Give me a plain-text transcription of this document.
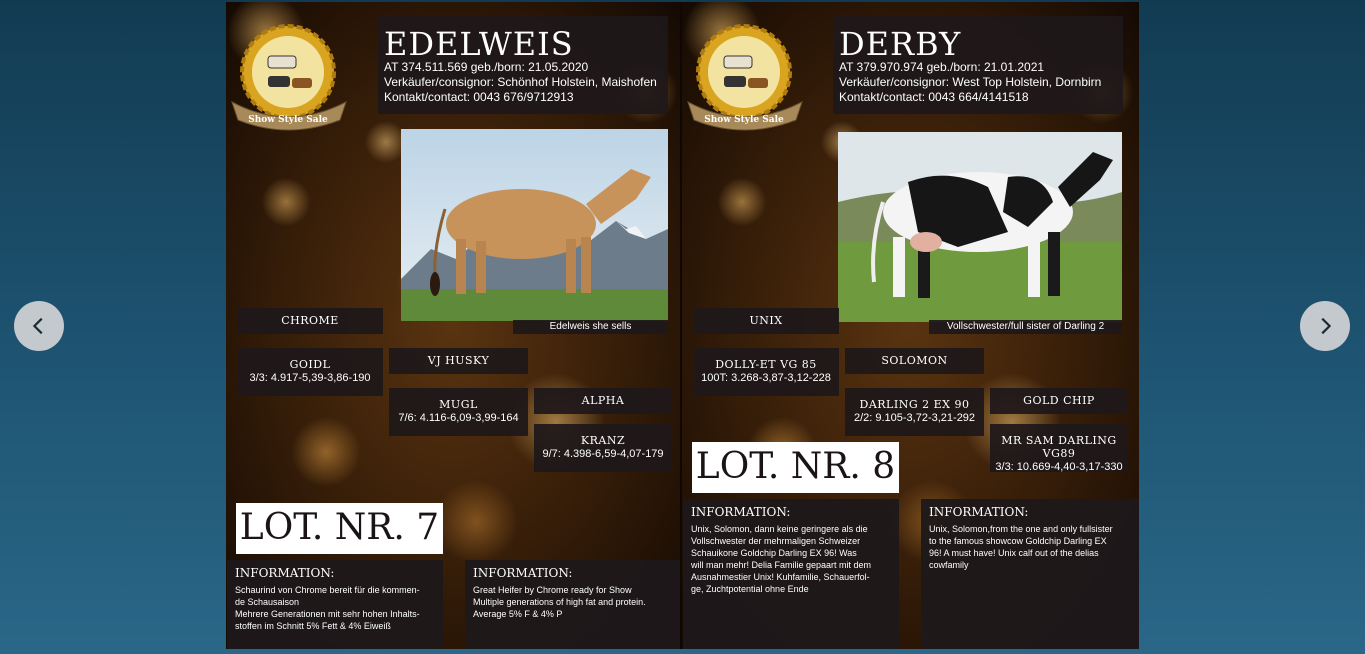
Show Style Sale
EDELWEIS
AT 374.511.569 geb./born: 21.05.2020
Verkäufer/consignor: Schönhof Holstein, Maishofen
Kontakt/contact: 0043 676/9712913
Edelweis she sells
CHROME
GOIDL
3/3: 4.917-5,39-3,86-190
VJ HUSKY
MUGL
7/6: 4.116-6,09-3,99-164
ALPHA
KRANZ
9/7: 4.398-6,59-4,07-179
LOT. NR. 7
INFORMATION:
Schaurind von Chrome bereit für die kommen-
de Schausaison
Mehrere Generationen mit sehr hohen Inhalts-
stoffen im Schnitt 5% Fett & 4% Eiweiß
INFORMATION:
Great Heifer by Chrome ready for Show
Multiple generations of high fat and protein.
Average 5% F & 4% P
Show Style Sale
DERBY
AT 379.970.974 geb./born: 21.01.2021
Verkäufer/consignor: West Top Holstein, Dornbirn
Kontakt/contact: 0043 664/4141518
Vollschwester/full sister of Darling 2
UNIX
DOLLY-ET VG 85
100T: 3.268-3,87-3,12-228
SOLOMON
DARLING 2 EX 90
2/2: 9.105-3,72-3,21-292
GOLD CHIP
MR SAM DARLING VG89
3/3: 10.669-4,40-3,17-330
LOT. NR. 8
INFORMATION:
Unix, Solomon, dann keine geringere als die
Vollschwester der mehrmaligen Schweizer
Schauikone Goldchip Darling EX 96! Was
will man mehr! Delia Familie gepaart mit dem
Ausnahmestier Unix! Kuhfamilie, Schauerfol-
ge, Zuchtpotential ohne Ende
INFORMATION:
Unix, Solomon,from the one and only fullsister
to the famous showcow Goldchip Darling EX
96! A must have! Unix calf out of the delias
cowfamily
